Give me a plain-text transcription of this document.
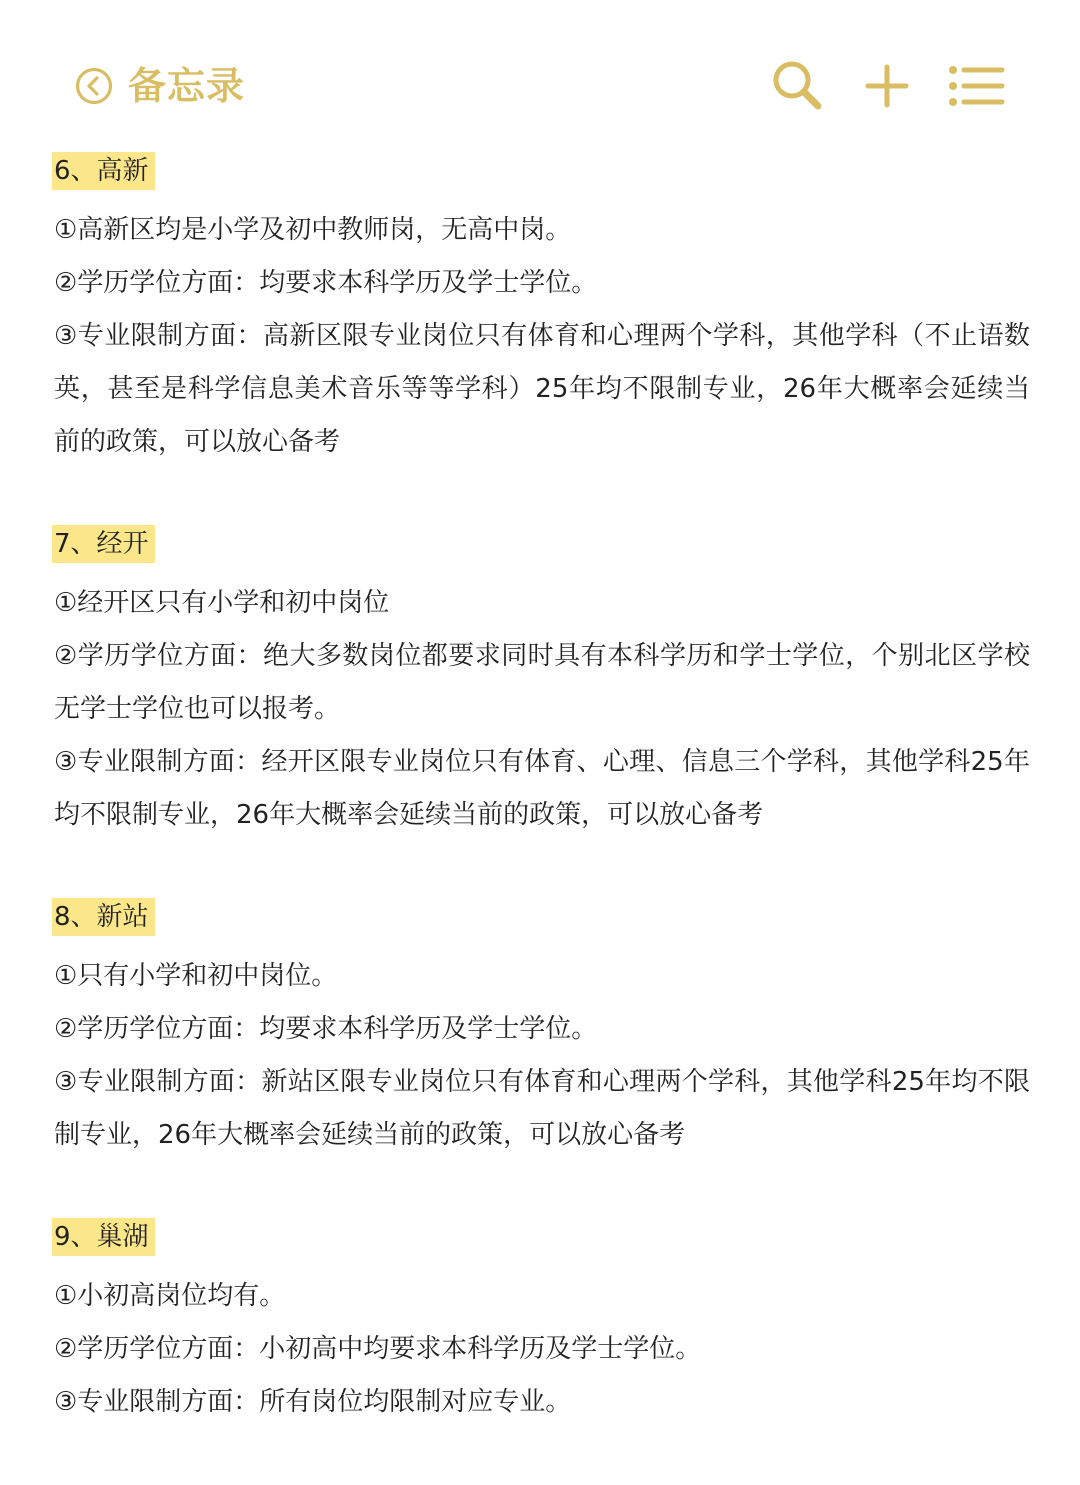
备忘录
6、高新

①高新区均是小学及初中教师岗，无高中岗。

②学历学位方面：均要求本科学历及学士学位。

③专业限制方面：高新区限专业岗位只有体育和心理两个学科，其他学科（不止语数英，甚至是科学信息美术音乐等等学科）25年均不限制专业，26年大概率会延续当前的政策，可以放心备考

7、经开

①经开区只有小学和初中岗位

②学历学位方面：绝大多数岗位都要求同时具有本科学历和学士学位，个别北区学校无学士学位也可以报考。

③专业限制方面：经开区限专业岗位只有体育、心理、信息三个学科，其他学科25年均不限制专业，26年大概率会延续当前的政策，可以放心备考

8、新站

①只有小学和初中岗位。

②学历学位方面：均要求本科学历及学士学位。

③专业限制方面：新站区限专业岗位只有体育和心理两个学科，其他学科25年均不限制专业，26年大概率会延续当前的政策，可以放心备考

9、巢湖

①小初高岗位均有。

②学历学位方面：小初高中均要求本科学历及学士学位。

③专业限制方面：所有岗位均限制对应专业。
